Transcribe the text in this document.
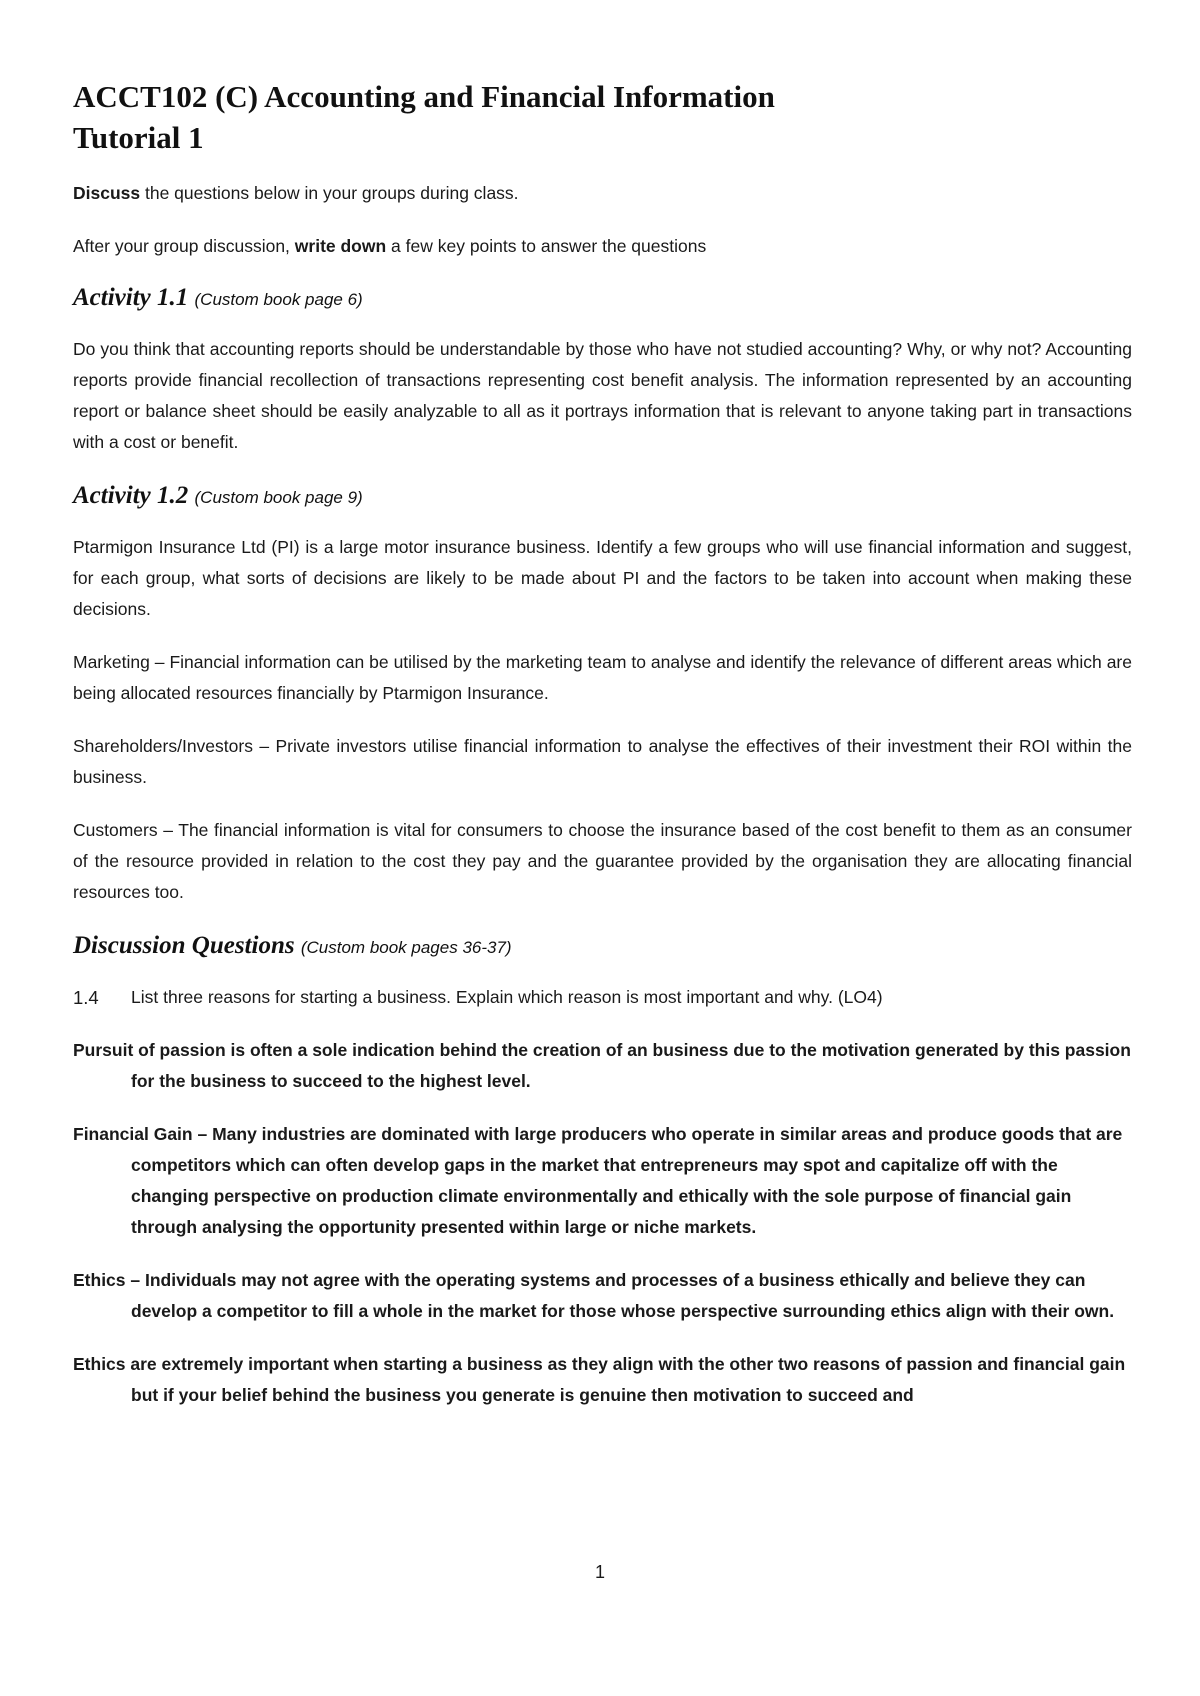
ACCT102 (C) Accounting and Financial Information
Tutorial 1

Discuss the questions below in your groups during class.

After your group discussion, write down a few key points to answer the questions

Activity 1.1 (Custom book page 6)

Do you think that accounting reports should be understandable by those who have not studied accounting? Why, or why not? Accounting reports provide financial recollection of transactions representing cost benefit analysis. The information represented by an accounting report or balance sheet should be easily analyzable to all as it portrays information that is relevant to anyone taking part in transactions with a cost or benefit.

Activity 1.2 (Custom book page 9)

Ptarmigon Insurance Ltd (PI) is a large motor insurance business. Identify a few groups who will use financial information and suggest, for each group, what sorts of decisions are likely to be made about PI and the factors to be taken into account when making these decisions.

Marketing – Financial information can be utilised by the marketing team to analyse and identify the relevance of different areas which are being allocated resources financially by Ptarmigon Insurance.

Shareholders/Investors – Private investors utilise financial information to analyse the effectives of their investment their ROI within the business.

Customers – The financial information is vital for consumers to choose the insurance based of the cost benefit to them as an consumer of the resource provided in relation to the cost they pay and the guarantee provided by the organisation they are allocating financial resources too.

Discussion Questions (Custom book pages 36-37)
1.4	List three reasons for starting a business. Explain which reason is most important and why. (LO4)

Pursuit of passion is often a sole indication behind the creation of an business due to the motivation generated by this passion for the business to succeed to the highest level.

Financial Gain – Many industries are dominated with large producers who operate in similar areas and produce goods that are competitors which can often develop gaps in the market that entrepreneurs may spot and capitalize off with the changing perspective on production climate environmentally and ethically with the sole purpose of financial gain through analysing the opportunity presented within large or niche markets.

Ethics – Individuals may not agree with the operating systems and processes of a business ethically and believe they can develop a competitor to fill a whole in the market for those whose perspective surrounding ethics align with their own.

Ethics are extremely important when starting a business as they align with the other two reasons of passion and financial gain but if your belief behind the business you generate is genuine then motivation to succeed and

1
